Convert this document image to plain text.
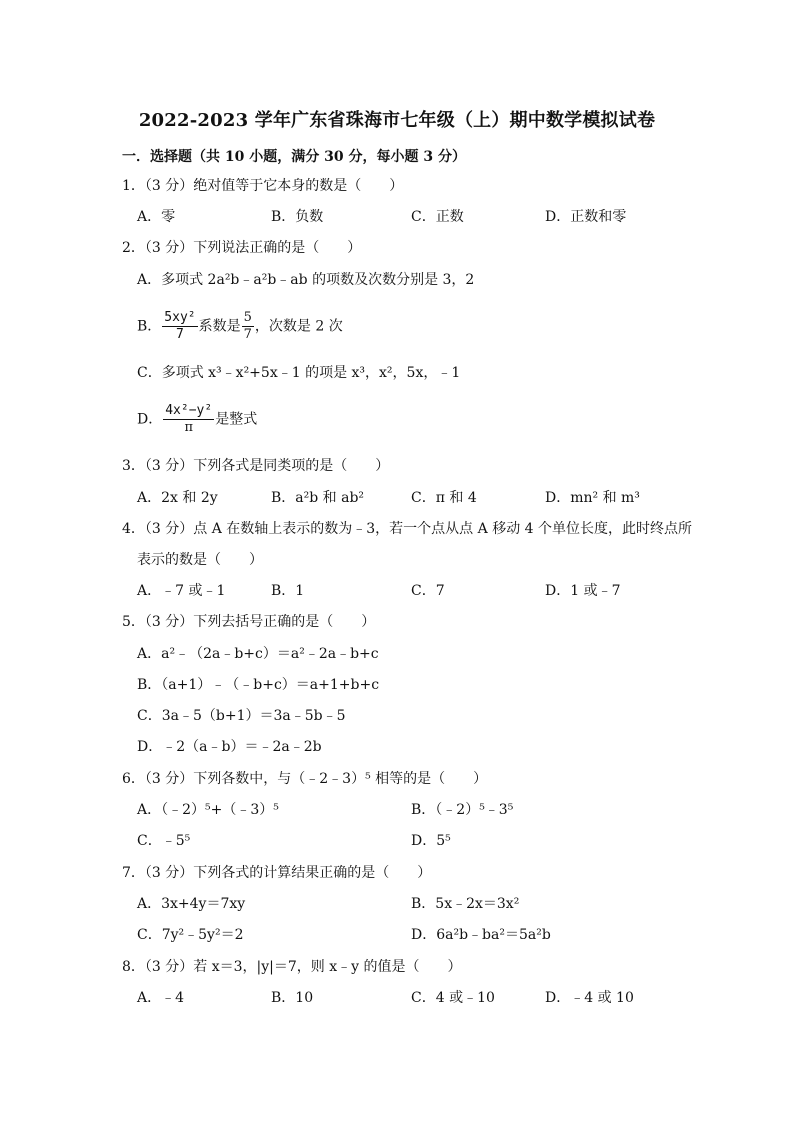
2022-2023 学年广东省珠海市七年级（上）期中数学模拟试卷
一．选择题（共 10 小题，满分 30 分，每小题 3 分）
1．（3 分）绝对值等于它本身的数是（　　）
A．零	B．负数	C．正数	D．正数和零
2．（3 分）下列说法正确的是（　　）
A．多项式 2a²b﹣a²b﹣ab 的项数及次数分别是 3，2
B． $\frac{\text{5xy²}}{7}$ 系数是 $\frac{5}{7}$ ，次数是 2 次
C．多项式 x³﹣x²+5x﹣1 的项是 x³，x²，5x，﹣1
D． $\frac{\text{4x²−y²}}{\pi}$ 是整式
3．（3 分）下列各式是同类项的是（　　）
A．2x 和 2y	B．a²b 和 ab²	C．π 和 4	D．mn² 和 m³
4．（3 分）点 A 在数轴上表示的数为﹣3，若一个点从点 A 移动 4 个单位长度，此时终点所
表示的数是（　　）
A．﹣7 或﹣1	B．1	C．7	D．1 或﹣7
5．（3 分）下列去括号正确的是（　　）
A．a²﹣（2a﹣b+c）＝a²﹣2a﹣b+c
B．（a+1）﹣（﹣b+c）＝a+1+b+c
C．3a﹣5（b+1）＝3a﹣5b﹣5
D．﹣2（a﹣b）＝﹣2a﹣2b
6．（3 分）下列各数中，与（﹣2﹣3）⁵ 相等的是（　　）
A．（﹣2）⁵+（﹣3）⁵	B．（﹣2）⁵﹣3⁵
C．﹣5⁵	D．5⁵
7．（3 分）下列各式的计算结果正确的是（　　）
A．3x+4y＝7xy	B．5x﹣2x＝3x²
C．7y²﹣5y²＝2	D．6a²b﹣ba²＝5a²b
8．（3 分）若 x＝3，|y|＝7，则 x﹣y 的值是（　　）
A．﹣4	B．10	C．4 或﹣10	D．﹣4 或 10
